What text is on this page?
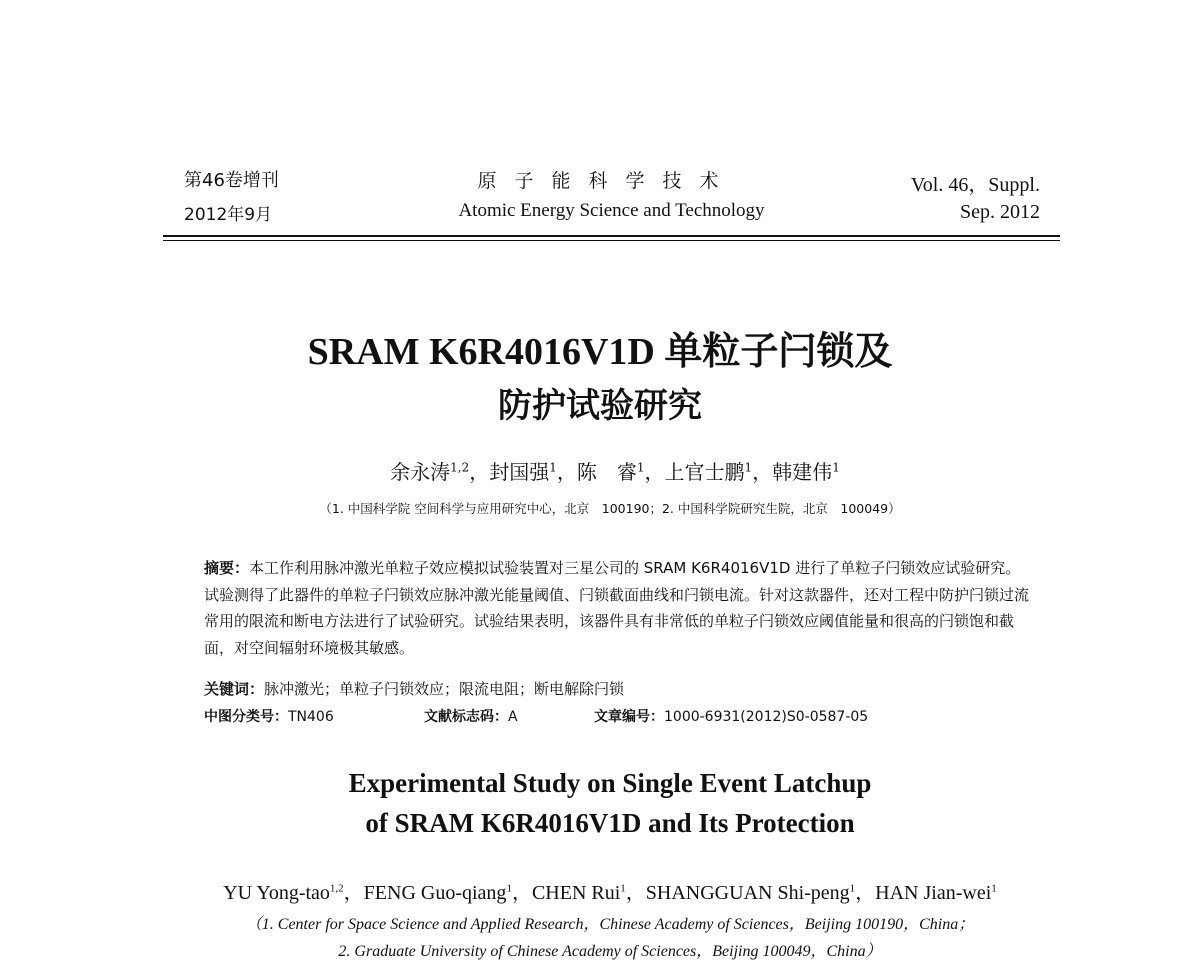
第46卷增刊
2012年9月
原子能科学技术
Atomic Energy Science and Technology
Vol. 46，Suppl.
Sep. 2012
SRAM K6R4016V1D 单粒子闩锁及
防护试验研究
余永涛$^{1,2}$，封国强$^1$，陈　睿$^1$，上官士鹏$^1$，韩建伟$^1$
（1. 中国科学院 空间科学与应用研究中心，北京　100190；2. 中国科学院研究生院，北京　100049）
摘要：本工作利用脉冲激光单粒子效应模拟试验装置对三星公司的 SRAM K6R4016V1D 进行了单粒子闩锁效应试验研究。试验测得了此器件的单粒子闩锁效应脉冲激光能量阈值、闩锁截面曲线和闩锁电流。针对这款器件，还对工程中防护闩锁过流常用的限流和断电方法进行了试验研究。试验结果表明，该器件具有非常低的单粒子闩锁效应阈值能量和很高的闩锁饱和截面，对空间辐射环境极其敏感。
关键词：脉冲激光；单粒子闩锁效应；限流电阻；断电解除闩锁
中图分类号：TN406	文献标志码：A	文章编号：1000-6931(2012)S0-0587-05
Experimental Study on Single Event Latchup
of SRAM K6R4016V1D and Its Protection
YU Yong-tao$^{1,2}$，FENG Guo-qiang$^1$，CHEN Rui$^1$，SHANGGUAN Shi-peng$^1$，HAN Jian-wei$^1$
（1. Center for Space Science and Applied Research，Chinese Academy of Sciences，Beijing 100190，China；
2. Graduate University of Chinese Academy of Sciences，Beijing 100049，China）
